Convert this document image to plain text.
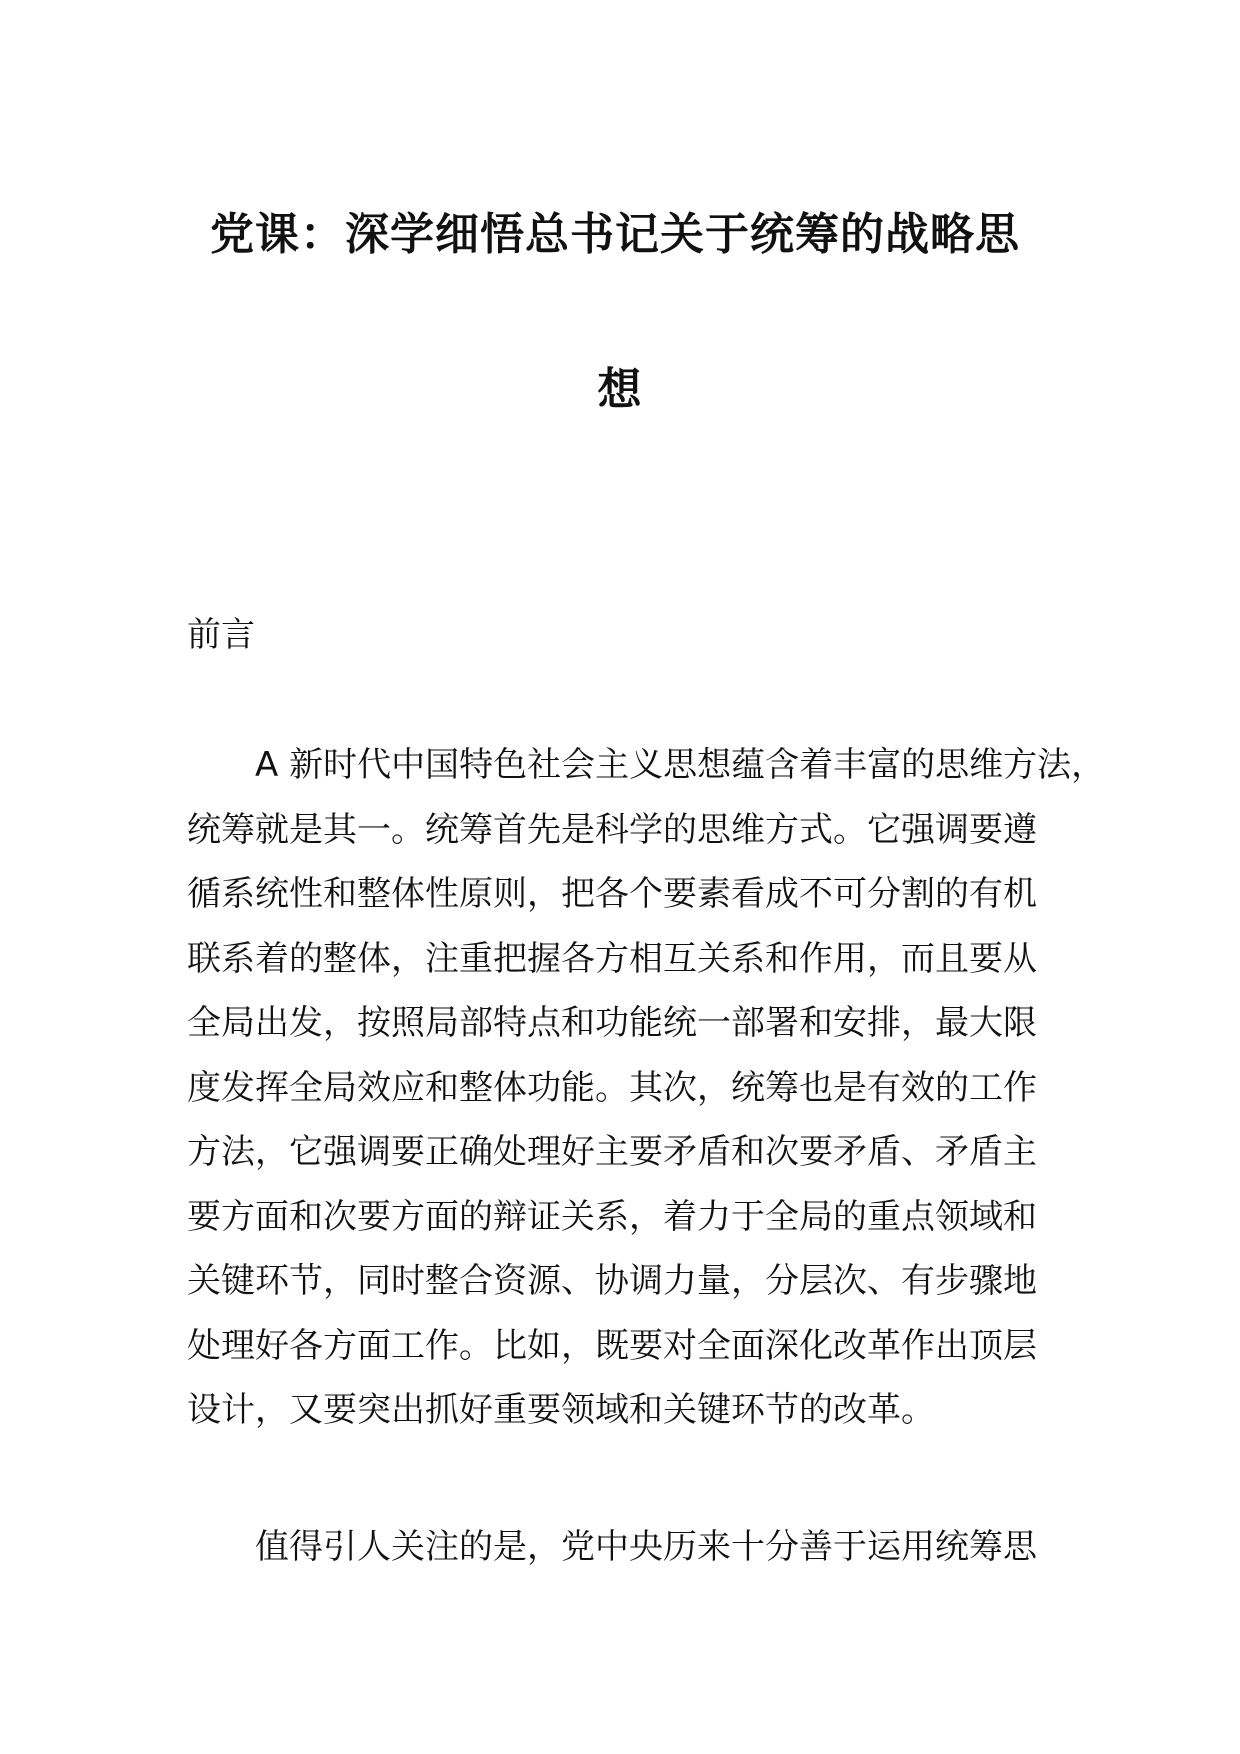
党课：深学细悟总书记关于统筹的战略思
想

前言

A 新时代中国特色社会主义思想蕴含着丰富的思维方法，
统筹就是其一。统筹首先是科学的思维方式。它强调要遵
循系统性和整体性原则，把各个要素看成不可分割的有机
联系着的整体，注重把握各方相互关系和作用，而且要从
全局出发，按照局部特点和功能统一部署和安排，最大限
度发挥全局效应和整体功能。其次，统筹也是有效的工作
方法，它强调要正确处理好主要矛盾和次要矛盾、矛盾主
要方面和次要方面的辩证关系，着力于全局的重点领域和
关键环节，同时整合资源、协调力量，分层次、有步骤地
处理好各方面工作。比如，既要对全面深化改革作出顶层
设计，又要突出抓好重要领域和关键环节的改革。

值得引人关注的是，党中央历来十分善于运用统筹思
